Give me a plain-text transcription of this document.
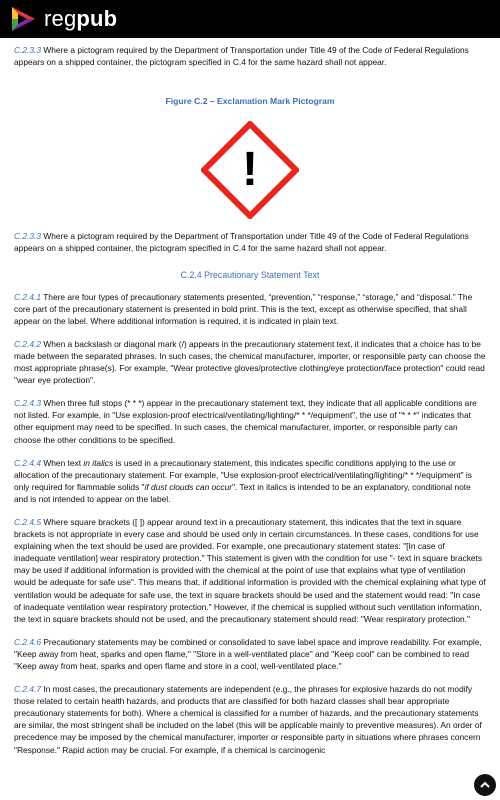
regpub

C.2.3.3 Where a pictogram required by the Department of Transportation under Title 49 of the Code of Federal Regulations appears on a shipped container, the pictogram specified in C.4 for the same hazard shall not appear.

Figure C.2 – Exclamation Mark Pictogram

!

C.2.3.3 Where a pictogram required by the Department of Transportation under Title 49 of the Code of Federal Regulations appears on a shipped container, the pictogram specified in C.4 for the same hazard shall not appear.

C.2.4 Precautionary Statement Text

C.2.4.1 There are four types of precautionary statements presented, “prevention,” “response,” “storage,” and “disposal.” The core part of the precautionary statement is presented in bold print. This is the text, except as otherwise specified, that shall appear on the label. Where additional information is required, it is indicated in plain text.

C.2.4.2 When a backslash or diagonal mark (/) appears in the precautionary statement text, it indicates that a choice has to be made between the separated phrases. In such cases, the chemical manufacturer, importer, or responsible party can choose the most appropriate phrase(s). For example, "Wear protective gloves/protective clothing/eye protection/face protection" could read "wear eye protection".

C.2.4.3 When three full stops (* * *) appear in the precautionary statement text, they indicate that all applicable conditions are not listed. For example, in "Use explosion-proof electrical/ventilating/lighting/* * */equipment", the use of "* * *" indicates that other equipment may need to be specified. In such cases, the chemical manufacturer, importer, or responsible party can choose the other conditions to be specified.

C.2.4.4 When text in italics is used in a precautionary statement, this indicates specific conditions applying to the use or allocation of the precautionary statement. For example, "Use explosion-proof electrical/ventilating/lighting/* * */equipment" is only required for flammable solids "if dust clouds can occur". Text in italics is intended to be an explanatory, conditional note and is not intended to appear on the label.

C.2.4.5 Where square brackets ([ ]) appear around text in a precautionary statement, this indicates that the text in square brackets is not appropriate in every case and should be used only in certain circumstances. In these cases, conditions for use explaining when the text should be used are provided. For example, one precautionary statement states: "[In case of inadequate ventilation] wear respiratory protection." This statement is given with the condition for use "- text in square brackets may be used if additional information is provided with the chemical at the point of use that explains what type of ventilation would be adequate for safe use". This means that, if additional information is provided with the chemical explaining what type of ventilation would be adequate for safe use, the text in square brackets should be used and the statement would read: "In case of inadequate ventilation wear respiratory protection." However, if the chemical is supplied without such ventilation information, the text in square brackets should not be used, and the precautionary statement should read: "Wear respiratory protection."

C.2.4.6 Precautionary statements may be combined or consolidated to save label space and improve readability. For example, "Keep away from heat, sparks and open flame," "Store in a well-ventilated place" and "Keep cool" can be combined to read "Keep away from heat, sparks and open flame and store in a cool, well-ventilated place."

C.2.4.7 In most cases, the precautionary statements are independent (e.g., the phrases for explosive hazards do not modify those related to certain health hazards, and products that are classified for both hazard classes shall bear appropriate precautionary statements for both). Where a chemical is classified for a number of hazards, and the precautionary statements are similar, the most stringent shall be included on the label (this will be applicable mainly to preventive measures). An order of precedence may be imposed by the chemical manufacturer, importer or responsible party in situations where phrases concern "Response." Rapid action may be crucial. For example, if a chemical is carcinogenic
